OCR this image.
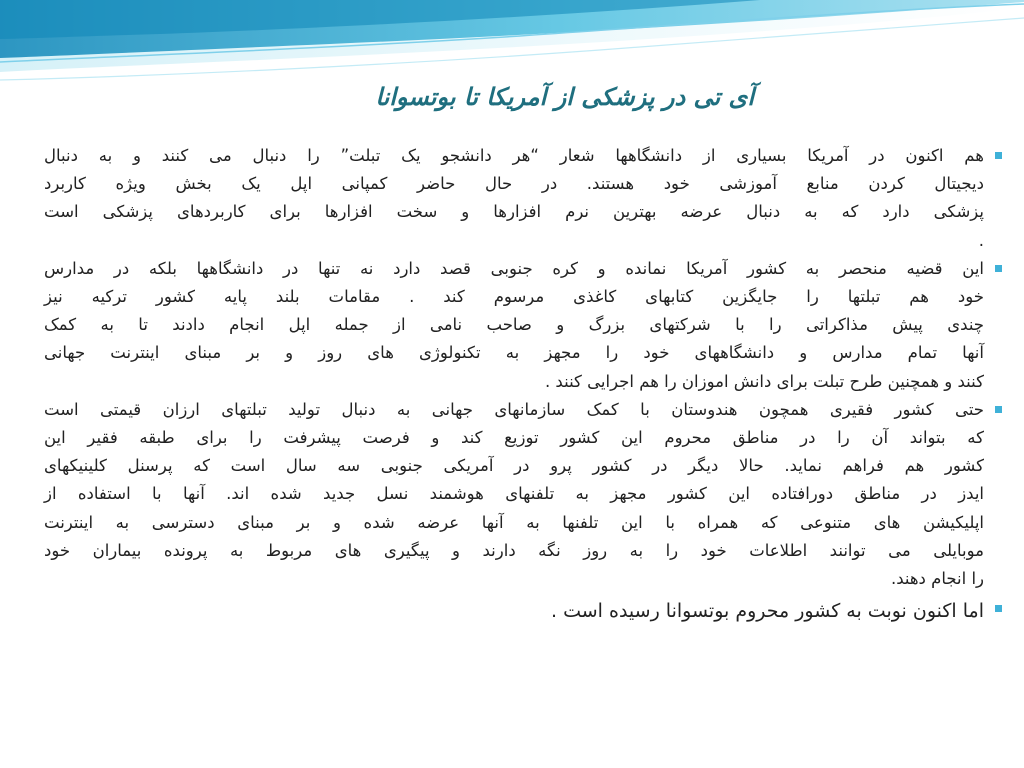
آی تی در پزشکی از آمریکا تا بوتسوانا

هم اکنون در آمریکا بسیاری از دانشگاهها شعار “هر دانشجو یک تبلت” را دنبال می کنند و به دنبال
دیجیتال کردن منابع آموزشی خود هستند. در حال حاضر کمپانی اپل یک بخش ویژه کاربرد
پزشکی دارد که به دنبال عرضه بهترین نرم افزارها و سخت افزارها برای کاربردهای پزشکی است
.

این قضیه منحصر به کشور آمریکا نمانده و کره جنوبی قصد دارد نه تنها در دانشگاهها بلکه در مدارس
خود هم تبلتها را جایگزین کتابهای کاغذی مرسوم کند . مقامات بلند پایه کشور ترکیه نیز
چندی پیش مذاکراتی را با شرکتهای بزرگ و صاحب نامی از جمله اپل انجام دادند تا به کمک
آنها تمام مدارس و دانشگاههای خود را مجهز به تکنولوژی های روز و بر مبنای اینترنت جهانی
کنند و همچنین طرح تبلت برای دانش اموزان را هم اجرایی کنند .

حتی کشور فقیری همچون هندوستان با کمک سازمانهای جهانی به دنبال تولید تبلتهای ارزان قیمتی است
که بتواند آن را در مناطق محروم این کشور توزیع کند و فرصت پیشرفت را برای طبقه فقیر این
کشور هم فراهم نماید. حالا دیگر در کشور پرو در آمریکی جنوبی سه سال است که پرسنل کلینیکهای
ایدز در مناطق دورافتاده این کشور مجهز به تلفنهای هوشمند نسل جدید شده اند. آنها با استفاده از
اپلیکیشن های متنوعی که همراه با این تلفنها به آنها عرضه شده و بر مبنای دسترسی به اینترنت
موبایلی می توانند اطلاعات خود را به روز نگه دارند و پیگیری های مربوط به پرونده بیماران خود
را انجام دهند.

اما اکنون نوبت به کشور محروم بوتسوانا رسیده است .
